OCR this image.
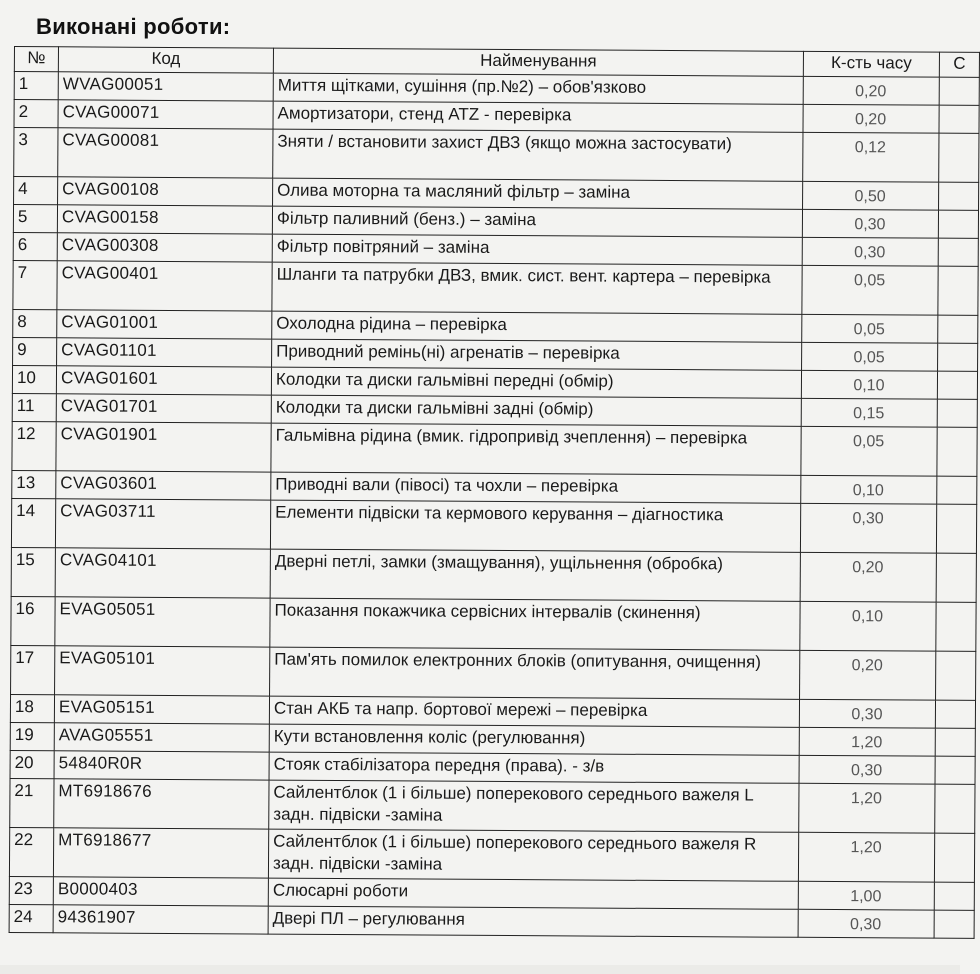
Виконані роботи:
№	Код	Найменування	К-сть часу	С
1	WVAG00051	Миття щітками, сушіння (пр.№2) – обов'язково	0,20	
2	CVAG00071	Амортизатори, стенд ATZ - перевірка	0,20	
3	CVAG00081	Зняти / встановити захист ДВЗ (якщо можна застосувати)	0,12	
4	CVAG00108	Олива моторна та масляний фільтр – заміна	0,50	
5	CVAG00158	Фільтр паливний (бенз.) – заміна	0,30	
6	CVAG00308	Фільтр повітряний – заміна	0,30	
7	CVAG00401	Шланги та патрубки ДВЗ, вмик. сист. вент. картера – перевірка	0,05	
8	CVAG01001	Охолодна рідина – перевірка	0,05	
9	CVAG01101	Приводний ремінь(ні) агренатів – перевірка	0,05	
10	CVAG01601	Колодки та диски гальмівні передні (обмір)	0,10	
11	CVAG01701	Колодки та диски гальмівні задні (обмір)	0,15	
12	CVAG01901	Гальмівна рідина (вмик. гідропривід зчеплення) – перевірка	0,05	
13	CVAG03601	Приводні вали (півосі) та чохли – перевірка	0,10	
14	CVAG03711	Елементи підвіски та кермового керування – діагностика	0,30	
15	CVAG04101	Дверні петлі, замки (змащування), ущільнення (обробка)	0,20	
16	EVAG05051	Показання покажчика сервісних інтервалів (скинення)	0,10	
17	EVAG05101	Пам'ять помилок електронних блоків (опитування, очищення)	0,20	
18	EVAG05151	Стан АКБ та напр. бортової мережі – перевірка	0,30	
19	AVAG05551	Кути встановлення коліс (регулювання)	1,20	
20	54840R0R	Стояк стабілізатора передня (права). - з/в	0,30	
21	MT6918676	Сайлентблок (1 і більше) поперекового середнього важеля L задн. підвіски -заміна	1,20	
22	MT6918677	Сайлентблок (1 і більше) поперекового середнього важеля R задн. підвіски -заміна	1,20	
23	B0000403	Слюсарні роботи	1,00	
24	94361907	Двері ПЛ – регулювання	0,30	
